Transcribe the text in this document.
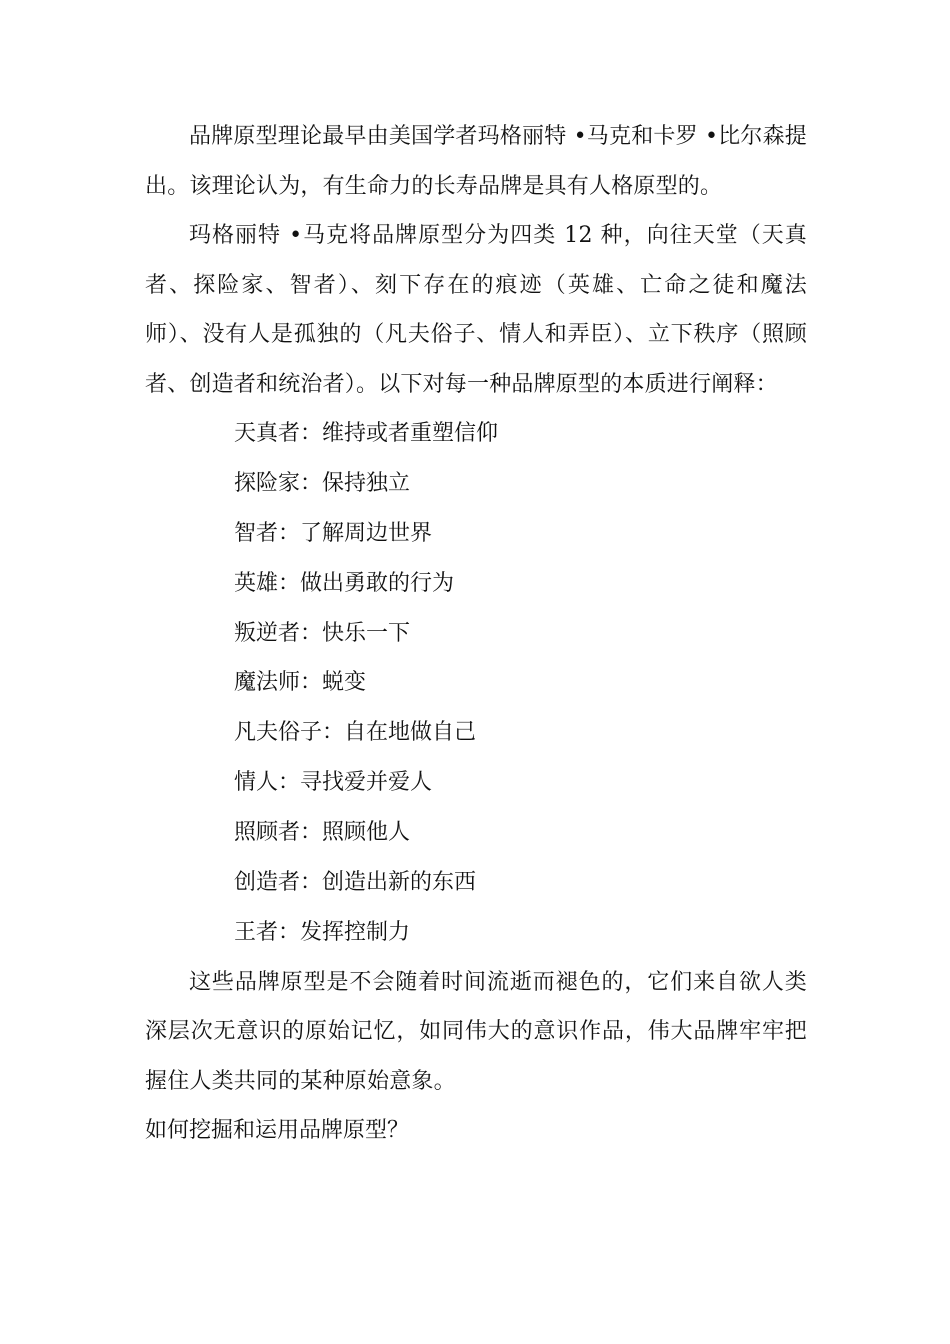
品牌原型理论最早由美国学者玛格丽特 •马克和卡罗 •比尔森提出。该理论认为，有生命力的长寿品牌是具有人格原型的。

玛格丽特 •马克将品牌原型分为四类 12 种，向往天堂（天真者、探险家、智者）、刻下存在的痕迹（英雄、亡命之徒和魔法师）、没有人是孤独的（凡夫俗子、情人和弄臣）、立下秩序（照顾者、创造者和统治者）。以下对每一种品牌原型的本质进行阐释：

天真者：维持或者重塑信仰
探险家：保持独立
智者：了解周边世界
英雄：做出勇敢的行为
叛逆者：快乐一下
魔法师：蜕变
凡夫俗子：自在地做自己
情人：寻找爱并爱人
照顾者：照顾他人
创造者：创造出新的东西
王者：发挥控制力

这些品牌原型是不会随着时间流逝而褪色的，它们来自欲人类深层次无意识的原始记忆，如同伟大的意识作品，伟大品牌牢牢把握住人类共同的某种原始意象。

如何挖掘和运用品牌原型？
